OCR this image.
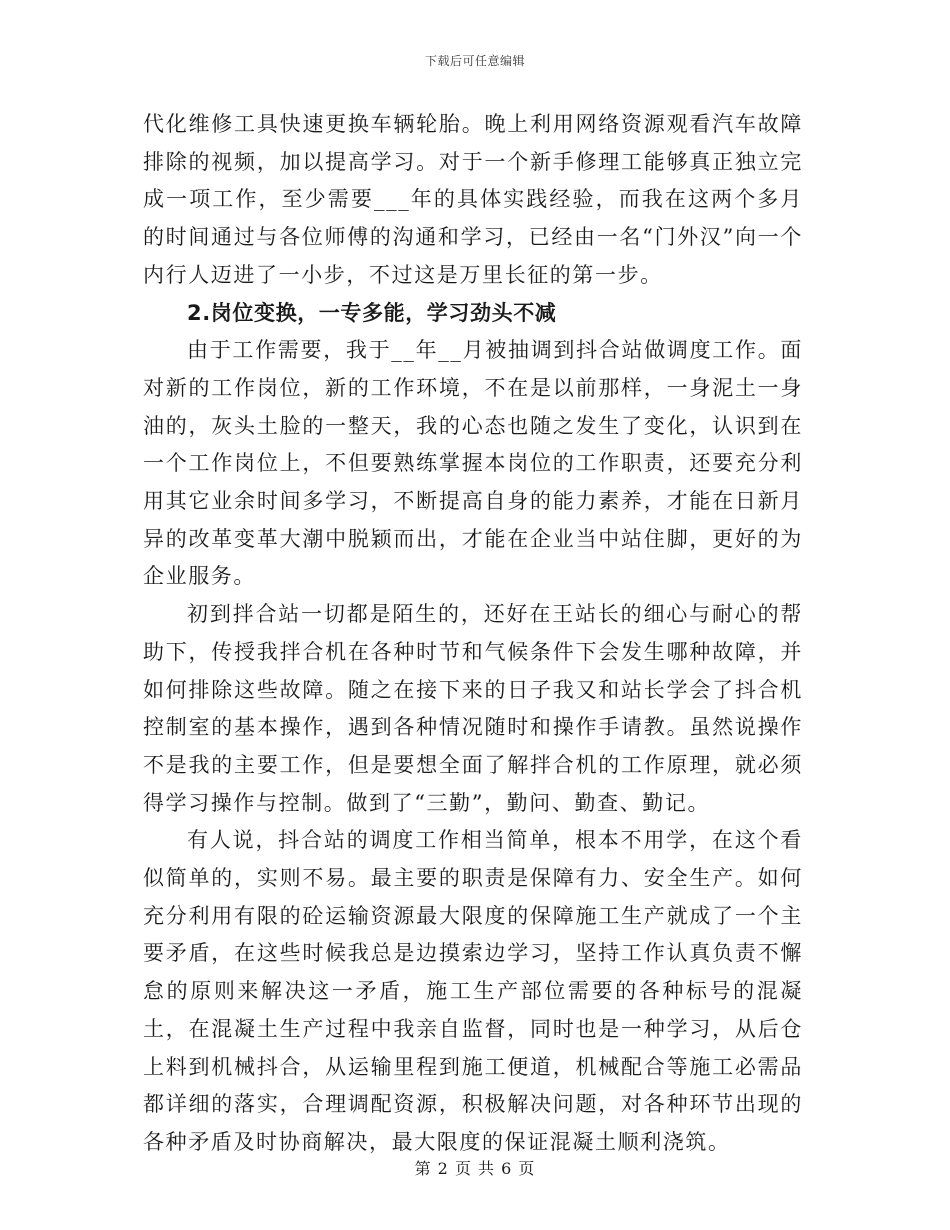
下载后可任意编辑

代化维修工具快速更换车辆轮胎。晚上利用网络资源观看汽车故障排除的视频，加以提高学习。对于一个新手修理工能够真正独立完成一项工作，至少需要___年的具体实践经验，而我在这两个多月的时间通过与各位师傅的沟通和学习，已经由一名“门外汉”向一个内行人迈进了一小步，不过这是万里长征的第一步。

2.岗位变换，一专多能，学习劲头不减

由于工作需要，我于__年__月被抽调到抖合站做调度工作。面对新的工作岗位，新的工作环境，不在是以前那样，一身泥土一身油的，灰头土脸的一整天，我的心态也随之发生了变化，认识到在一个工作岗位上，不但要熟练掌握本岗位的工作职责，还要充分利用其它业余时间多学习，不断提高自身的能力素养，才能在日新月异的改革变革大潮中脱颖而出，才能在企业当中站住脚，更好的为企业服务。

初到拌合站一切都是陌生的，还好在王站长的细心与耐心的帮助下，传授我拌合机在各种时节和气候条件下会发生哪种故障，并如何排除这些故障。随之在接下来的日子我又和站长学会了抖合机控制室的基本操作，遇到各种情况随时和操作手请教。虽然说操作不是我的主要工作，但是要想全面了解拌合机的工作原理，就必须得学习操作与控制。做到了“三勤”，勤问、勤查、勤记。

有人说，抖合站的调度工作相当简单，根本不用学，在这个看似简单的，实则不易。最主要的职责是保障有力、安全生产。如何充分利用有限的砼运输资源最大限度的保障施工生产就成了一个主要矛盾，在这些时候我总是边摸索边学习，坚持工作认真负责不懈怠的原则来解决这一矛盾，施工生产部位需要的各种标号的混凝土，在混凝土生产过程中我亲自监督，同时也是一种学习，从后仓上料到机械抖合，从运输里程到施工便道，机械配合等施工必需品都详细的落实，合理调配资源，积极解决问题，对各种环节出现的各种矛盾及时协商解决，最大限度的保证混凝土顺利浇筑。

第 2 页 共 6 页
